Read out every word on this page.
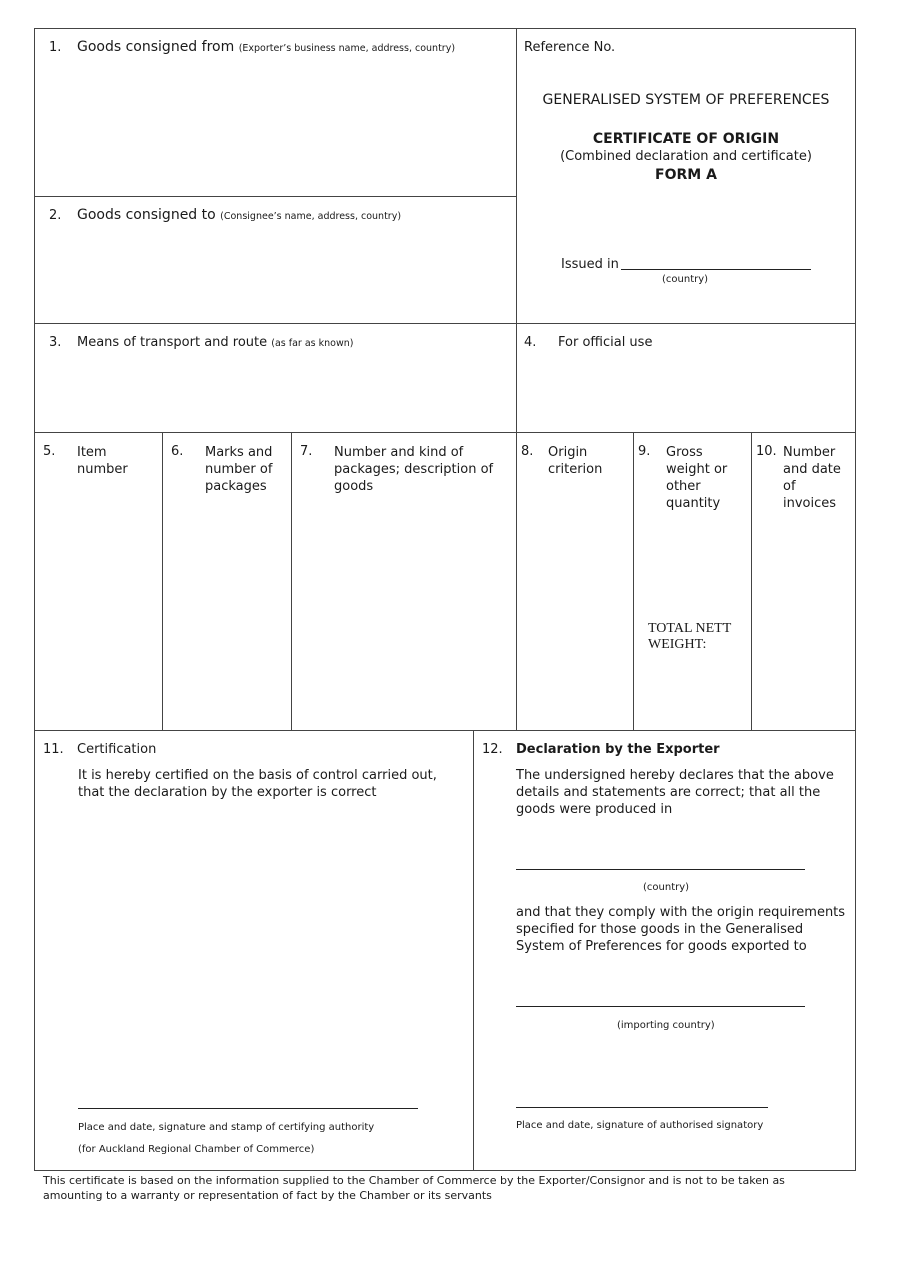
1. Goods consigned from (Exporter’s business name, address, country)	Reference No.
GENERALISED SYSTEM OF PREFERENCES
CERTIFICATE OF ORIGIN
(Combined declaration and certificate)
FORM A
Issued in
(country)
2. Goods consigned to (Consignee’s name, address, country)
3. Means of transport and route (as far as known)	4. For official use
5. Item
number
6. Marks and
number of
packages
7. Number and kind of
packages; description of
goods
8. Origin
criterion
9. Gross
weight or
other
quantity
10. Number
and date
of
invoices
TOTAL NETT
WEIGHT:
11. Certification
It is hereby certified on the basis of control carried out,
that the declaration by the exporter is correct
Place and date, signature and stamp of certifying authority
(for Auckland Regional Chamber of Commerce)
12. Declaration by the Exporter
The undersigned hereby declares that the above
details and statements are correct; that all the
goods were produced in
(country)
and that they comply with the origin requirements
specified for those goods in the Generalised
System of Preferences for goods exported to
(importing country)
Place and date, signature of authorised signatory
This certificate is based on the information supplied to the Chamber of Commerce by the Exporter/Consignor and is not to be taken as
amounting to a warranty or representation of fact by the Chamber or its servants
